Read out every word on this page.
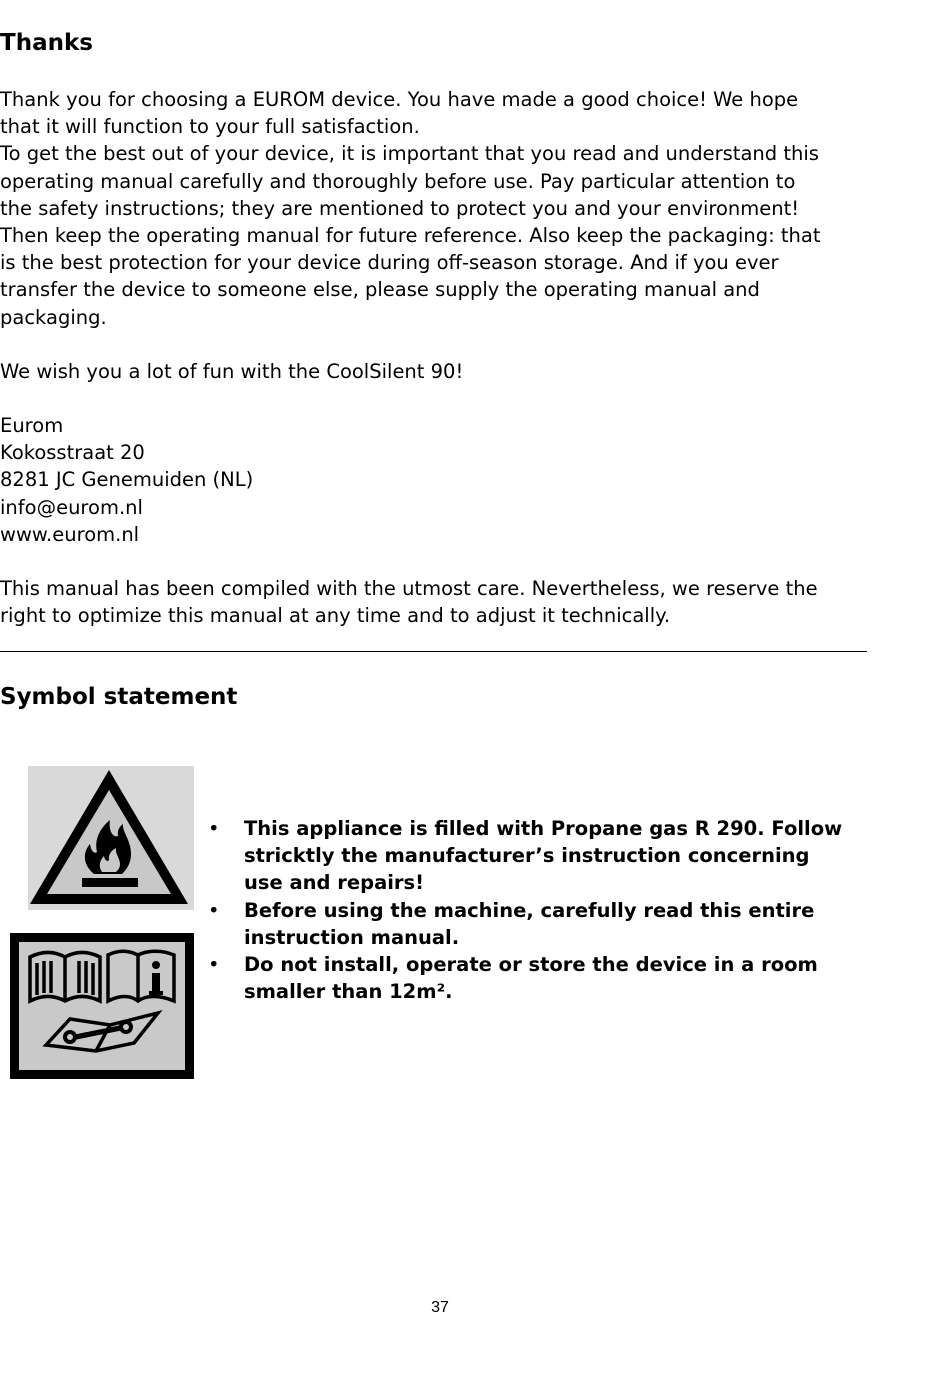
Thanks
Thank you for choosing a EUROM device. You have made a good choice! We hope
that it will function to your full satisfaction.
To get the best out of your device, it is important that you read and understand this
operating manual carefully and thoroughly before use. Pay particular attention to
the safety instructions; they are mentioned to protect you and your environment!
Then keep the operating manual for future reference. Also keep the packaging: that
is the best protection for your device during off-season storage. And if you ever
transfer the device to someone else, please supply the operating manual and
packaging.

We wish you a lot of fun with the CoolSilent 90!

Eurom
Kokosstraat 20
8281 JC Genemuiden (NL)
info@eurom.nl
www.eurom.nl
This manual has been compiled with the utmost care. Nevertheless, we reserve the
right to optimize this manual at any time and to adjust it technically.
Symbol statement
• This appliance is filled with Propane gas R 290. Follow
stricktly the manufacturer’s instruction concerning
use and repairs!
• Before using the machine, carefully read this entire
instruction manual.
• Do not install, operate or store the device in a room
smaller than 12m².
37
